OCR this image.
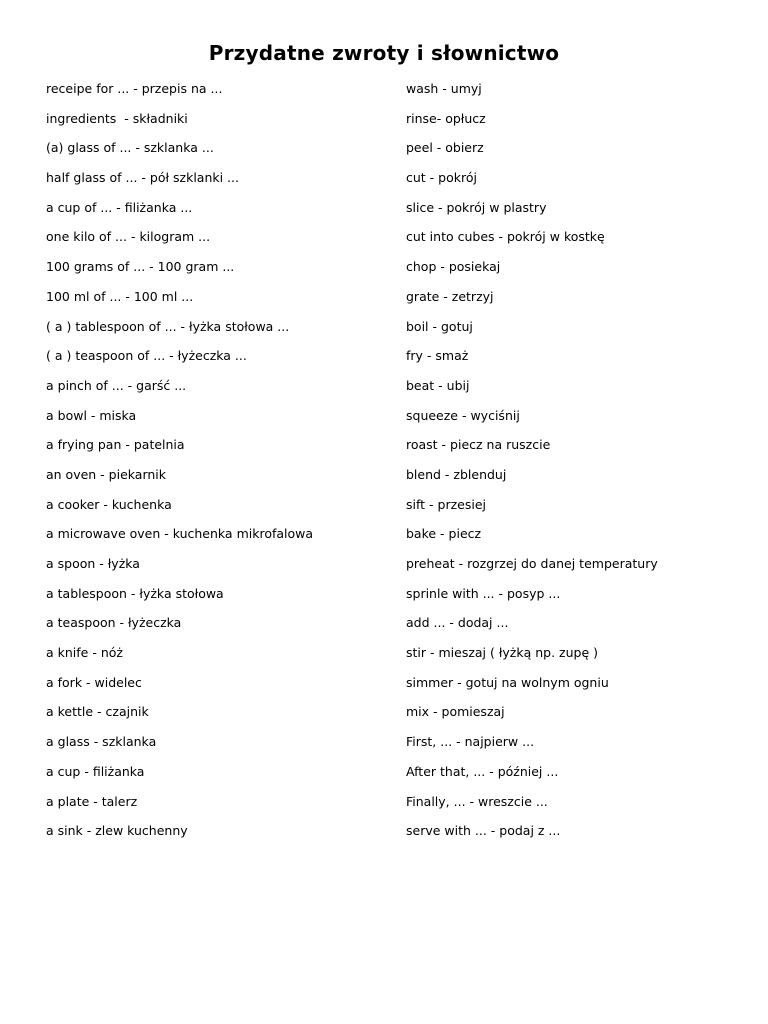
Przydatne zwroty i słownictwo
receipe for ... - przepis na ...
ingredients  - składniki
(a) glass of ... - szklanka ...
half glass of ... - pół szklanki ...
a cup of ... - filiżanka ...
one kilo of ... - kilogram ...
100 grams of ... - 100 gram ...
100 ml of ... - 100 ml ...
( a ) tablespoon of ... - łyżka stołowa ...
( a ) teaspoon of ... - łyżeczka ...
a pinch of ... - garść ...
a bowl - miska
a frying pan - patelnia
an oven - piekarnik
a cooker - kuchenka
a microwave oven - kuchenka mikrofalowa
a spoon - łyżka
a tablespoon - łyżka stołowa
a teaspoon - łyżeczka
a knife - nóż
a fork - widelec
a kettle - czajnik
a glass - szklanka
a cup - filiżanka
a plate - talerz
a sink - zlew kuchenny
wash - umyj
rinse- opłucz
peel - obierz
cut - pokrój
slice - pokrój w plastry
cut into cubes - pokrój w kostkę
chop - posiekaj
grate - zetrzyj
boil - gotuj
fry - smaż
beat - ubij
squeeze - wyciśnij
roast - piecz na ruszcie
blend - zblenduj
sift - przesiej
bake - piecz
preheat - rozgrzej do danej temperatury
sprinle with ... - posyp ...
add ... - dodaj ...
stir - mieszaj ( łyżką np. zupę )
simmer - gotuj na wolnym ogniu
mix - pomieszaj
First, ... - najpierw ...
After that, ... - później ...
Finally, ... - wreszcie ...
serve with ... - podaj z ...
